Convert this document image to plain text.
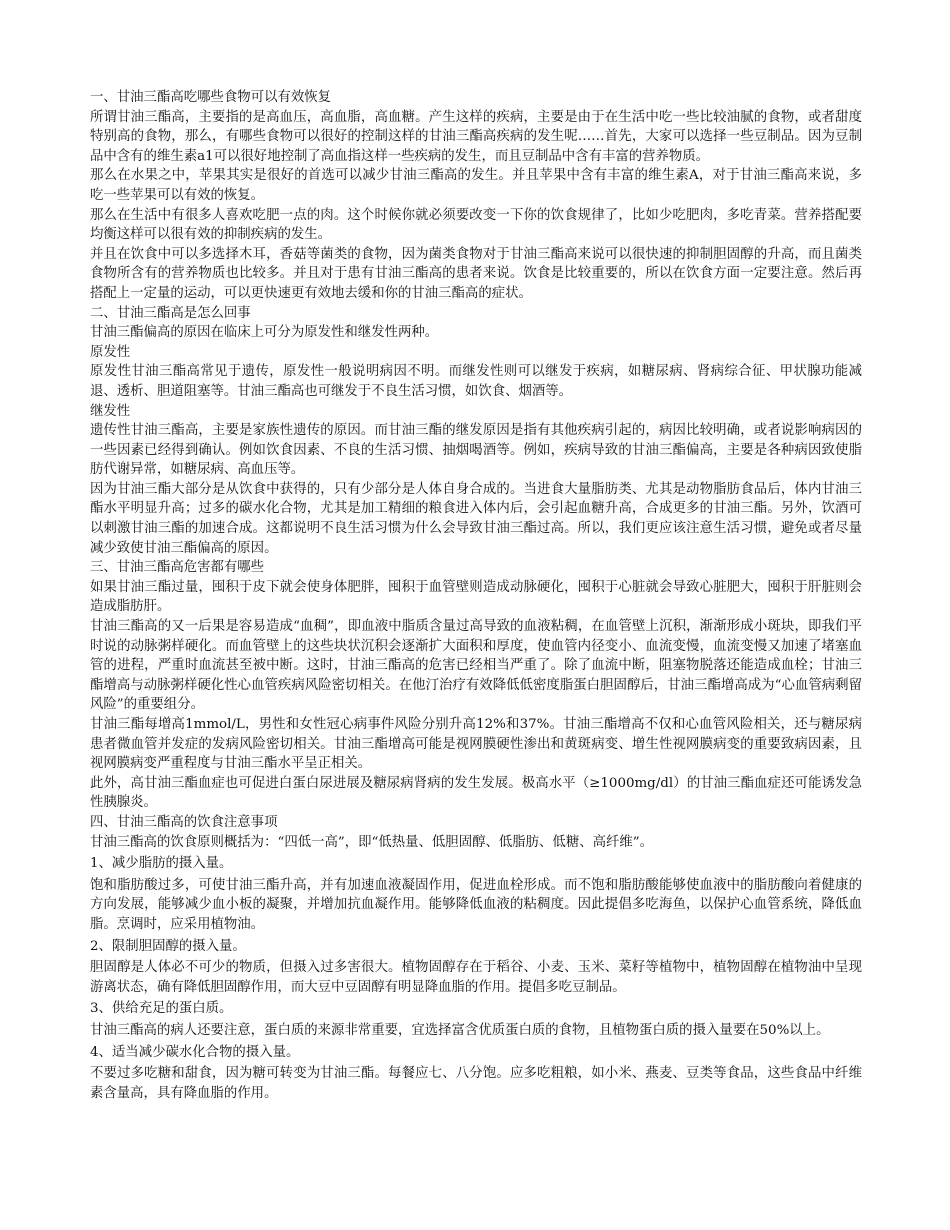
一、甘油三酯高吃哪些食物可以有效恢复

所谓甘油三酯高，主要指的是高血压，高血脂，高血糖。产生这样的疾病，主要是由于在生活中吃一些比较油腻的食物，或者甜度特别高的食物，那么，有哪些食物可以很好的控制这样的甘油三酯高疾病的发生呢……首先，大家可以选择一些豆制品。因为豆制品中含有的维生素a1可以很好地控制了高血指这样一些疾病的发生，而且豆制品中含有丰富的营养物质。

那么在水果之中，苹果其实是很好的首选可以减少甘油三酯高的发生。并且苹果中含有丰富的维生素A，对于甘油三酯高来说，多吃一些苹果可以有效的恢复。

那么在生活中有很多人喜欢吃肥一点的肉。这个时候你就必须要改变一下你的饮食规律了，比如少吃肥肉，多吃青菜。营养搭配要均衡这样可以很有效的抑制疾病的发生。

并且在饮食中可以多选择木耳，香菇等菌类的食物，因为菌类食物对于甘油三酯高来说可以很快速的抑制胆固醇的升高，而且菌类食物所含有的营养物质也比较多。并且对于患有甘油三酯高的患者来说。饮食是比较重要的，所以在饮食方面一定要注意。然后再搭配上一定量的运动，可以更快速更有效地去缓和你的甘油三酯高的症状。

二、甘油三酯高是怎么回事

甘油三酯偏高的原因在临床上可分为原发性和继发性两种。

原发性

原发性甘油三酯高常见于遗传，原发性一般说明病因不明。而继发性则可以继发于疾病，如糖尿病、肾病综合征、甲状腺功能减退、透析、胆道阻塞等。甘油三酯高也可继发于不良生活习惯，如饮食、烟酒等。

继发性

遗传性甘油三酯高，主要是家族性遗传的原因。而甘油三酯的继发原因是指有其他疾病引起的，病因比较明确，或者说影响病因的一些因素已经得到确认。例如饮食因素、不良的生活习惯、抽烟喝酒等。例如，疾病导致的甘油三酯偏高，主要是各种病因致使脂肪代谢异常，如糖尿病、高血压等。

因为甘油三酯大部分是从饮食中获得的，只有少部分是人体自身合成的。当进食大量脂肪类、尤其是动物脂肪食品后，体内甘油三酯水平明显升高；过多的碳水化合物，尤其是加工精细的粮食进入体内后，会引起血糖升高，合成更多的甘油三酯。另外，饮酒可以刺激甘油三酯的加速合成。这都说明不良生活习惯为什么会导致甘油三酯过高。所以，我们更应该注意生活习惯，避免或者尽量减少致使甘油三酯偏高的原因。

三、甘油三酯高危害都有哪些

如果甘油三酯过量，囤积于皮下就会使身体肥胖，囤积于血管壁则造成动脉硬化，囤积于心脏就会导致心脏肥大，囤积于肝脏则会造成脂肪肝。

甘油三酯高的又一后果是容易造成“血稠”，即血液中脂质含量过高导致的血液粘稠，在血管壁上沉积，渐渐形成小斑块，即我们平时说的动脉粥样硬化。而血管壁上的这些块状沉积会逐渐扩大面积和厚度，使血管内径变小、血流变慢，血流变慢又加速了堵塞血管的进程，严重时血流甚至被中断。这时，甘油三酯高的危害已经相当严重了。除了血流中断，阻塞物脱落还能造成血栓；甘油三酯增高与动脉粥样硬化性心血管疾病风险密切相关。在他汀治疗有效降低低密度脂蛋白胆固醇后，甘油三酯增高成为“心血管病剩留风险”的重要组分。

甘油三酯每增高1mmol/L，男性和女性冠心病事件风险分别升高12%和37%。甘油三酯增高不仅和心血管风险相关，还与糖尿病患者微血管并发症的发病风险密切相关。甘油三酯增高可能是视网膜硬性渗出和黄斑病变、增生性视网膜病变的重要致病因素，且视网膜病变严重程度与甘油三酯水平呈正相关。

此外，高甘油三酯血症也可促进白蛋白尿进展及糖尿病肾病的发生发展。极高水平（≥1000mg/dl）的甘油三酯血症还可能诱发急性胰腺炎。

四、甘油三酯高的饮食注意事项

甘油三酯高的饮食原则概括为：“四低一高”，即“低热量、低胆固醇、低脂肪、低糖、高纤维”。

1、减少脂肪的摄入量。

饱和脂肪酸过多，可使甘油三酯升高，并有加速血液凝固作用，促进血栓形成。而不饱和脂肪酸能够使血液中的脂肪酸向着健康的方向发展，能够减少血小板的凝聚，并增加抗血凝作用。能够降低血液的粘稠度。因此提倡多吃海鱼，以保护心血管系统，降低血脂。烹调时，应采用植物油。

2、限制胆固醇的摄入量。

胆固醇是人体必不可少的物质，但摄入过多害很大。植物固醇存在于稻谷、小麦、玉米、菜籽等植物中，植物固醇在植物油中呈现游离状态，确有降低胆固醇作用，而大豆中豆固醇有明显降血脂的作用。提倡多吃豆制品。

3、供给充足的蛋白质。

甘油三酯高的病人还要注意，蛋白质的来源非常重要，宜选择富含优质蛋白质的食物，且植物蛋白质的摄入量要在50%以上。

4、适当减少碳水化合物的摄入量。

不要过多吃糖和甜食，因为糖可转变为甘油三酯。每餐应七、八分饱。应多吃粗粮，如小米、燕麦、豆类等食品，这些食品中纤维素含量高，具有降血脂的作用。
